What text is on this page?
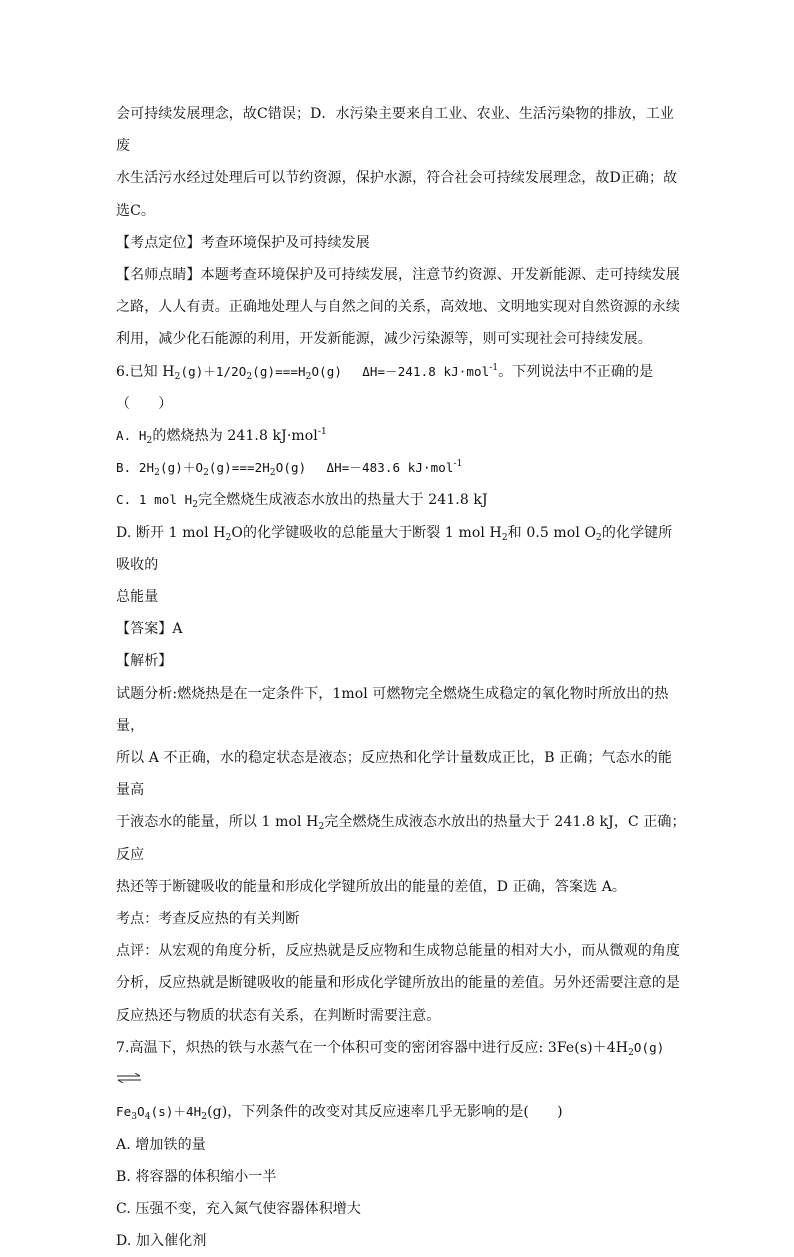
会可持续发展理念，故C错误；D．水污染主要来自工业、农业、生活污染物的排放，工业废

水生活污水经过处理后可以节约资源，保护水源，符合社会可持续发展理念，故D正确；故

选C。

【考点定位】考查环境保护及可持续发展

【名师点睛】本题考查环境保护及可持续发展，注意节约资源、开发新能源、走可持续发展

之路，人人有责。正确地处理人与自然之间的关系，高效地、文明地实现对自然资源的永续

利用，减少化石能源的利用，开发新能源，减少污染源等，则可实现社会可持续发展。

6.已知 $H_2(g)+1/2O_2(g)===H_2O(g)$　 ΔH=－241.8 kJ·mol$^{-1}$。下列说法中不正确的是

（　　）

A. $H_2$的燃烧热为 241.8 kJ·mol$^{-1}$

B. $2H_2(g)+O_2(g)===2H_2O(g)$　 ΔH=－483.6 kJ·mol$^{-1}$

C. 1 mol $H_2$完全燃烧生成液态水放出的热量大于 241.8 kJ

D. 断开 1 mol $H_2O$的化学键吸收的总能量大于断裂 1 mol $H_2$和 0.5 mol $O_2$的化学键所吸收的

总能量

【答案】A

【解析】

试题分析:燃烧热是在一定条件下，1mol 可燃物完全燃烧生成稳定的氧化物时所放出的热量，

所以 A 不正确，水的稳定状态是液态；反应热和化学计量数成正比，B 正确；气态水的能量高

于液态水的能量，所以 1 mol $H_2$完全燃烧生成液态水放出的热量大于 241.8 kJ，C 正确；反应

热还等于断键吸收的能量和形成化学键所放出的能量的差值，D 正确，答案选 A。

考点：考查反应热的有关判断

点评：从宏观的角度分析，反应热就是反应物和生成物总能量的相对大小，而从微观的角度

分析，反应热就是断键吸收的能量和形成化学键所放出的能量的差值。另外还需要注意的是

反应热还与物质的状态有关系，在判断时需要注意。

7.高温下，炽热的铁与水蒸气在一个体积可变的密闭容器中进行反应: $3Fe(s)+4H_2O(g)$

$Fe_3O_4(s)+4H_2(g)$，下列条件的改变对其反应速率几乎无影响的是(　　)

A. 增加铁的量

B. 将容器的体积缩小一半

C. 压强不变，充入氮气使容器体积增大

D. 加入催化剂
